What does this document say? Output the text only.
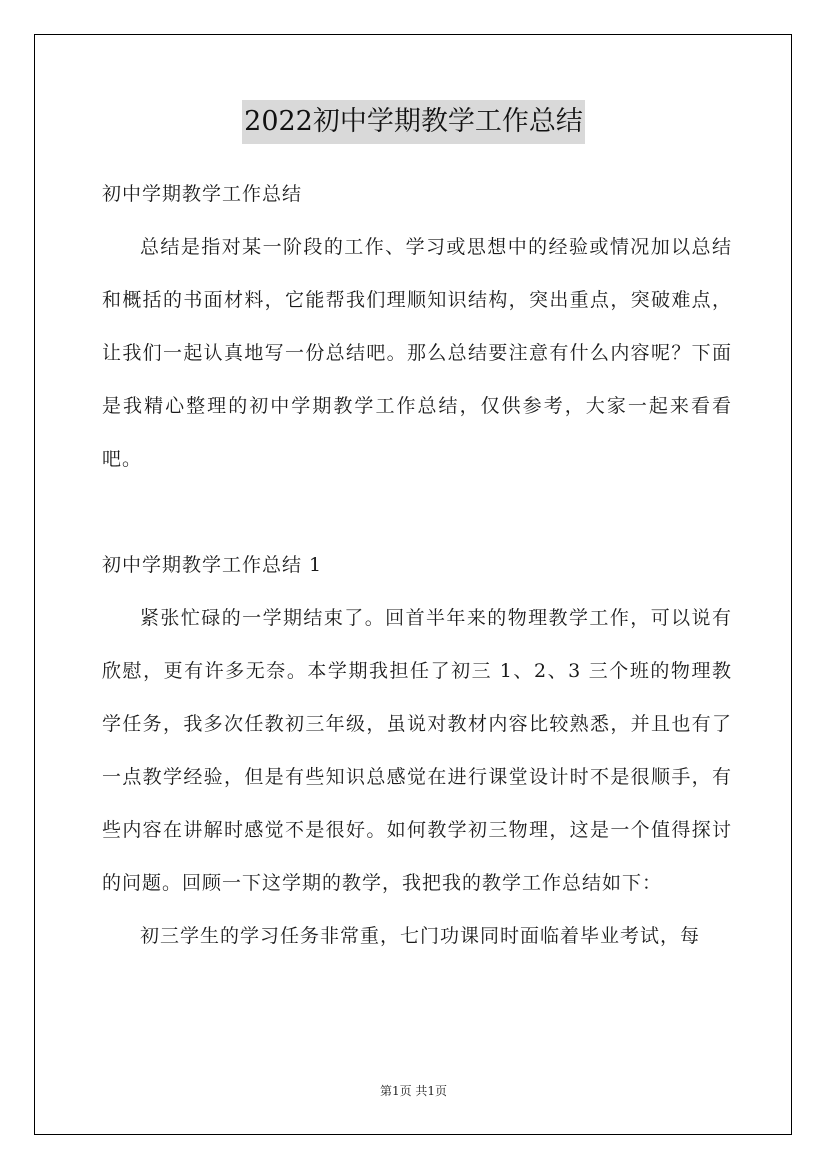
2022初中学期教学工作总结

初中学期教学工作总结

总结是指对某一阶段的工作、学习或思想中的经验或情况加以总结和概括的书面材料，它能帮我们理顺知识结构，突出重点，突破难点，让我们一起认真地写一份总结吧。那么总结要注意有什么内容呢？下面是我精心整理的初中学期教学工作总结，仅供参考，大家一起来看看吧。

初中学期教学工作总结 1

紧张忙碌的一学期结束了。回首半年来的物理教学工作，可以说有欣慰，更有许多无奈。本学期我担任了初三 1、2、3 三个班的物理教学任务，我多次任教初三年级，虽说对教材内容比较熟悉，并且也有了一点教学经验，但是有些知识总感觉在进行课堂设计时不是很顺手，有些内容在讲解时感觉不是很好。如何教学初三物理，这是一个值得探讨的问题。回顾一下这学期的教学，我把我的教学工作总结如下：

初三学生的学习任务非常重，七门功课同时面临着毕业考试，每

第1页 共1页
